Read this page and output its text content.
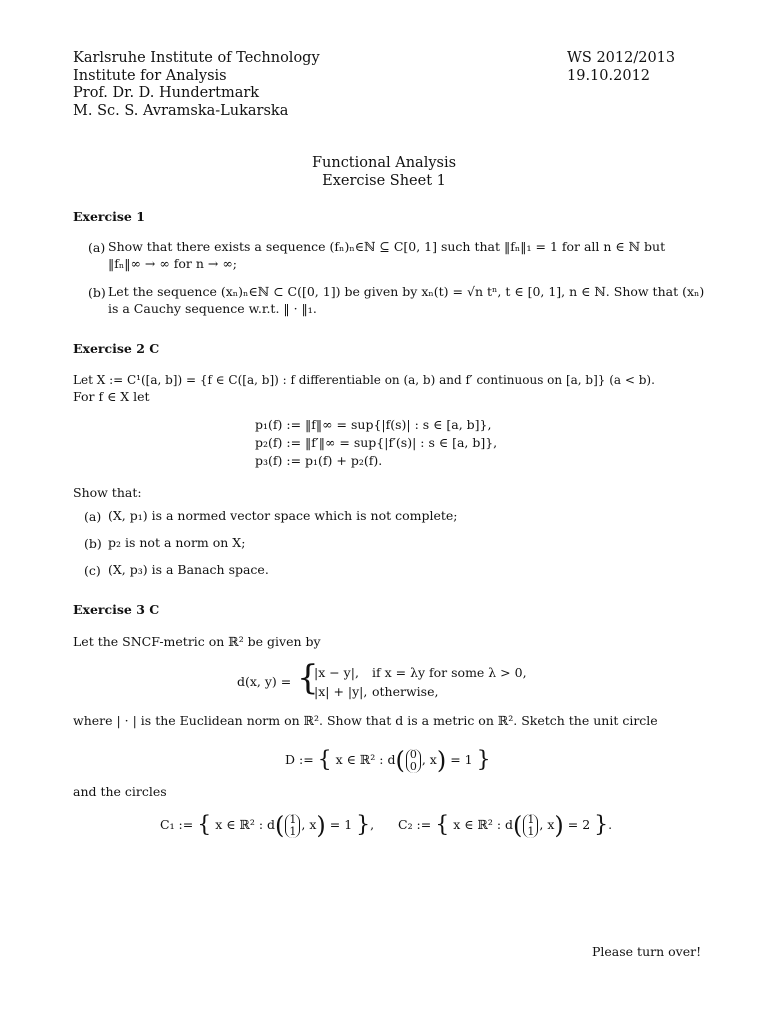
Karlsruhe Institute of Technology
Institute for Analysis
Prof. Dr. D. Hundertmark
M. Sc. S. Avramska-Lukarska
WS 2012/2013
19.10.2012
Functional Analysis
Exercise Sheet 1
Exercise 1
(a) Show that there exists a sequence (fₙ)ₙ∈ℕ ⊆ C[0, 1] such that ‖fₙ‖₁ = 1 for all n ∈ ℕ but
‖fₙ‖∞ → ∞ for n → ∞;
(b) Let the sequence (xₙ)ₙ∈ℕ ⊂ C([0, 1]) be given by xₙ(t) = √n tⁿ, t ∈ [0, 1], n ∈ ℕ. Show that (xₙ)
is a Cauchy sequence w.r.t. ‖ · ‖₁.
Exercise 2 C
Let X := C¹([a, b]) = {f ∈ C([a, b]) : f differentiable on (a, b) and f′ continuous on [a, b]} (a < b).
For f ∈ X let
p₁(f) := ‖f‖∞ = sup{|f(s)| : s ∈ [a, b]},
p₂(f) := ‖f′‖∞ = sup{|f′(s)| : s ∈ [a, b]},
p₃(f) := p₁(f) + p₂(f).
Show that:
(a) (X, p₁) is a normed vector space which is not complete;
(b) p₂ is not a norm on X;
(c) (X, p₃) is a Banach space.
Exercise 3 C
Let the SNCF-metric on ℝ² be given by
d(x, y) = {
|x − y|, if x = λy for some λ > 0,
|x| + |y|, otherwise,
where | · | is the Euclidean norm on ℝ². Show that d is a metric on ℝ². Sketch the unit circle
D := { x ∈ ℝ² : d( 0
0 , x) = 1 }
and the circles
C₁ := { x ∈ ℝ² : d( 1
1 , x) = 1 }, C₂ := { x ∈ ℝ² : d( 1
1 , x) = 2 }.
Please turn over!
